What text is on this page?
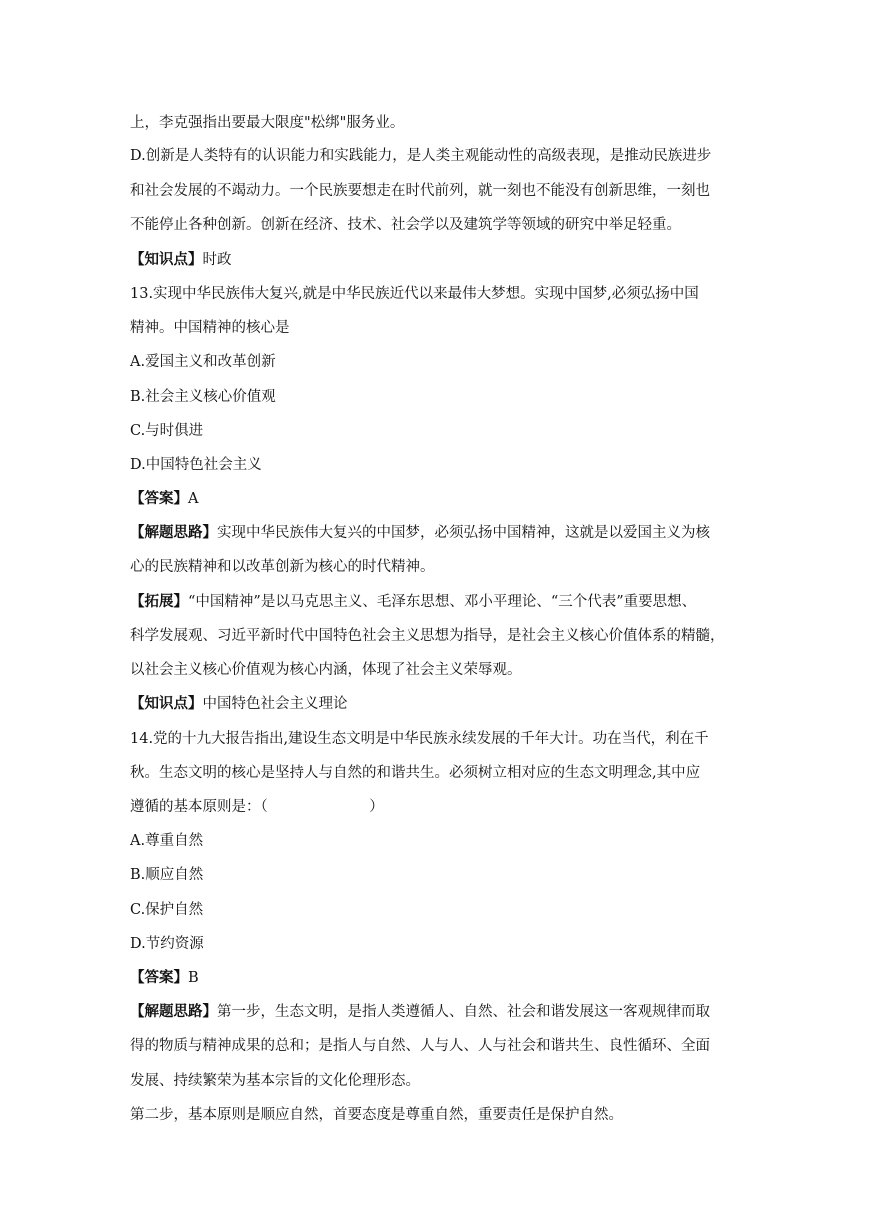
上，李克强指出要最大限度"松绑"服务业。
D.创新是人类特有的认识能力和实践能力，是人类主观能动性的高级表现，是推动民族进步
和社会发展的不竭动力。一个民族要想走在时代前列，就一刻也不能没有创新思维，一刻也
不能停止各种创新。创新在经济、技术、社会学以及建筑学等领域的研究中举足轻重。
【知识点】时政
13.实现中华民族伟大复兴,就是中华民族近代以来最伟大梦想。实现中国梦,必须弘扬中国
精神。中国精神的核心是
A.爱国主义和改革创新
B.社会主义核心价值观
C.与时俱进
D.中国特色社会主义
【答案】A
【解题思路】实现中华民族伟大复兴的中国梦，必须弘扬中国精神，这就是以爱国主义为核
心的民族精神和以改革创新为核心的时代精神。
【拓展】“中国精神”是以马克思主义、毛泽东思想、邓小平理论、“三个代表”重要思想、
科学发展观、习近平新时代中国特色社会主义思想为指导，是社会主义核心价值体系的精髓，
以社会主义核心价值观为核心内涵，体现了社会主义荣辱观。
【知识点】中国特色社会主义理论
14.党的十九大报告指出,建设生态文明是中华民族永续发展的千年大计。功在当代，利在千
秋。生态文明的核心是坚持人与自然的和谐共生。必须树立相对应的生态文明理念,其中应
遵循的基本原则是：（　　　　　　　）
A.尊重自然
B.顺应自然
C.保护自然
D.节约资源
【答案】B
【解题思路】第一步，生态文明，是指人类遵循人、自然、社会和谐发展这一客观规律而取
得的物质与精神成果的总和；是指人与自然、人与人、人与社会和谐共生、良性循环、全面
发展、持续繁荣为基本宗旨的文化伦理形态。
第二步，基本原则是顺应自然，首要态度是尊重自然，重要责任是保护自然。
